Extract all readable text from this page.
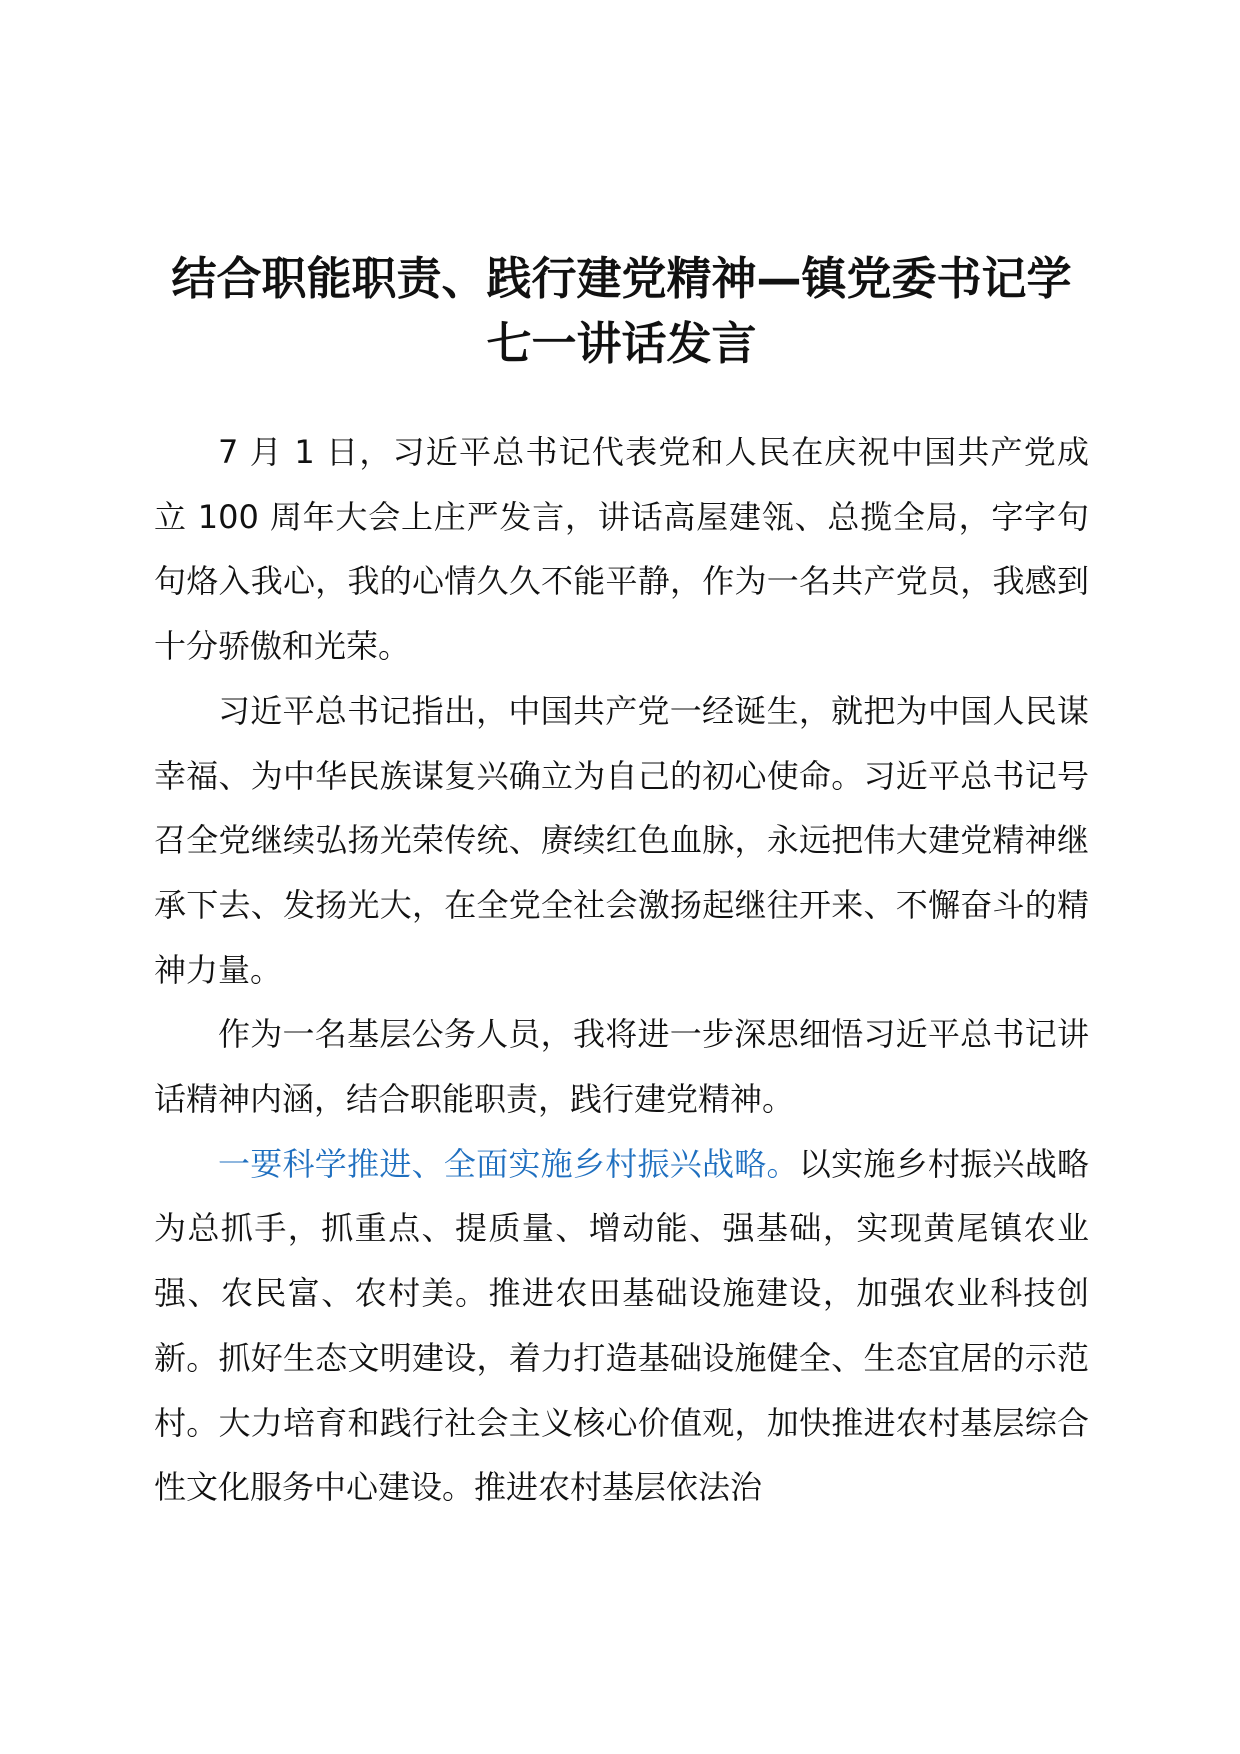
结合职能职责、践行建党精神—镇党委书记学七一讲话发言

7 月 1 日，习近平总书记代表党和人民在庆祝中国共产党成立 100 周年大会上庄严发言，讲话高屋建瓴、总揽全局，字字句句烙入我心，我的心情久久不能平静，作为一名共产党员，我感到十分骄傲和光荣。

习近平总书记指出，中国共产党一经诞生，就把为中国人民谋幸福、为中华民族谋复兴确立为自己的初心使命。习近平总书记号召全党继续弘扬光荣传统、赓续红色血脉，永远把伟大建党精神继承下去、发扬光大，在全党全社会激扬起继往开来、不懈奋斗的精神力量。

作为一名基层公务人员，我将进一步深思细悟习近平总书记讲话精神内涵，结合职能职责，践行建党精神。

一要科学推进、全面实施乡村振兴战略。以实施乡村振兴战略为总抓手，抓重点、提质量、增动能、强基础，实现黄尾镇农业强、农民富、农村美。推进农田基础设施建设，加强农业科技创新。抓好生态文明建设，着力打造基础设施健全、生态宜居的示范村。大力培育和践行社会主义核心价值观，加快推进农村基层综合性文化服务中心建设。推进农村基层依法治
